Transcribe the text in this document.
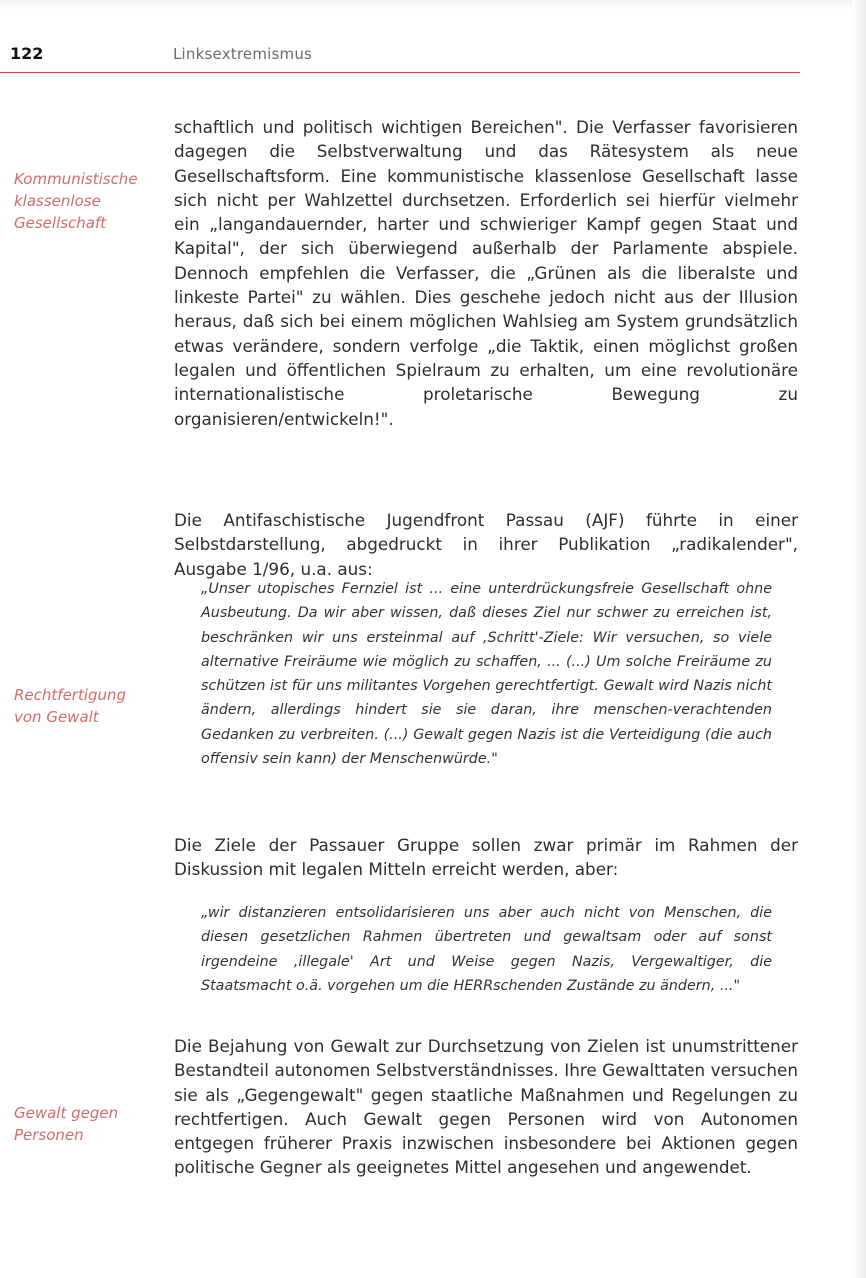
122	Linksextremismus
Kommunistische
klassenlose
Gesellschaft
Rechtfertigung
von Gewalt
Gewalt gegen
Personen

schaftlich und politisch wichtigen Bereichen". Die Verfasser favorisieren dagegen die Selbstverwaltung und das Rätesystem als neue Gesellschaftsform. Eine kommunistische klassenlose Gesellschaft lasse sich nicht per Wahlzettel durchsetzen. Erforderlich sei hierfür vielmehr ein „langandauernder, harter und schwieriger Kampf gegen Staat und Kapital", der sich überwiegend außerhalb der Parlamente abspiele. Dennoch empfehlen die Verfasser, die „Grünen als die liberalste und linkeste Partei" zu wählen. Dies geschehe jedoch nicht aus der Illusion heraus, daß sich bei einem möglichen Wahlsieg am System grundsätzlich etwas verändere, sondern verfolge „die Taktik, einen möglichst großen legalen und öffentlichen Spielraum zu erhalten, um eine revolutionäre internationalistische proletarische Bewegung zu organisieren/entwickeln!".

Die Antifaschistische Jugendfront Passau (AJF) führte in einer Selbstdarstellung, abgedruckt in ihrer Publikation „radikalender", Ausgabe 1/96, u.a. aus:

„Unser utopisches Fernziel ist ... eine unterdrückungsfreie Gesellschaft ohne Ausbeutung. Da wir aber wissen, daß dieses Ziel nur schwer zu erreichen ist, beschränken wir uns ersteinmal auf ‚Schritt'-Ziele: Wir versuchen, so viele alternative Freiräume wie möglich zu schaffen, ... (...) Um solche Freiräume zu schützen ist für uns militantes Vorgehen gerechtfertigt. Gewalt wird Nazis nicht ändern, allerdings hindert sie sie daran, ihre menschen-verachtenden Gedanken zu verbreiten. (...) Gewalt gegen Nazis ist die Verteidigung (die auch offensiv sein kann) der Menschenwürde."

Die Ziele der Passauer Gruppe sollen zwar primär im Rahmen der Diskussion mit legalen Mitteln erreicht werden, aber:

„wir distanzieren entsolidarisieren uns aber auch nicht von Menschen, die diesen gesetzlichen Rahmen übertreten und gewaltsam oder auf sonst irgendeine ‚illegale' Art und Weise gegen Nazis, Vergewaltiger, die Staatsmacht o.ä. vorgehen um die HERRschenden Zustände zu ändern, ..."

Die Bejahung von Gewalt zur Durchsetzung von Zielen ist unumstrittener Bestandteil autonomen Selbstverständnisses. Ihre Gewalttaten versuchen sie als „Gegengewalt" gegen staatliche Maßnahmen und Regelungen zu rechtfertigen. Auch Gewalt gegen Personen wird von Autonomen entgegen früherer Praxis inzwischen insbesondere bei Aktionen gegen politische Gegner als geeignetes Mittel angesehen und angewendet.
